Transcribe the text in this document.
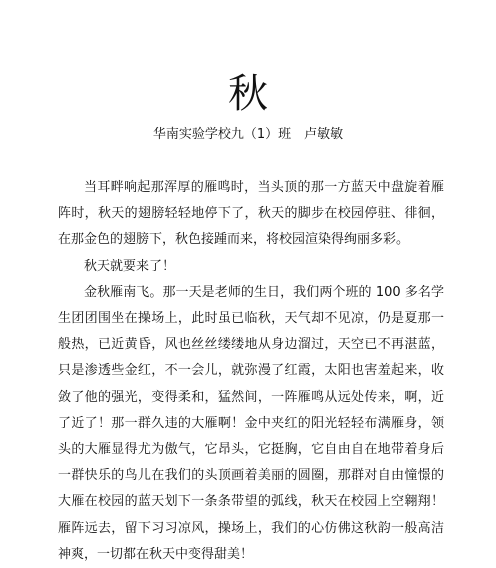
秋
华南实验学校九（1）班　卢敏敏

当耳畔响起那浑厚的雁鸣时，当头顶的那一方蓝天中盘旋着雁阵时，秋天的翅膀轻轻地停下了，秋天的脚步在校园停驻、徘徊，在那金色的翅膀下，秋色接踵而来，将校园渲染得绚丽多彩。

秋天就要来了！

金秋雁南飞。那一天是老师的生日，我们两个班的 100 多名学生团团围坐在操场上，此时虽已临秋，天气却不见凉，仍是夏那一般热，已近黄昏，风也丝丝缕缕地从身边溜过，天空已不再湛蓝，只是渗透些金红，不一会儿，就弥漫了红霞，太阳也害羞起来，收敛了他的强光，变得柔和，猛然间，一阵雁鸣从远处传来，啊，近了近了！那一群久违的大雁啊！金中夹红的阳光轻轻布满雁身，领头的大雁显得尤为傲气，它昂头，它挺胸，它自由自在地带着身后一群快乐的鸟儿在我们的头顶画着美丽的圆圈，那群对自由憧憬的大雁在校园的蓝天划下一条条带望的弧线，秋天在校园上空翱翔！雁阵远去，留下习习凉风，操场上，我们的心仿佛这秋韵一般高洁神爽，一切都在秋天中变得甜美！
